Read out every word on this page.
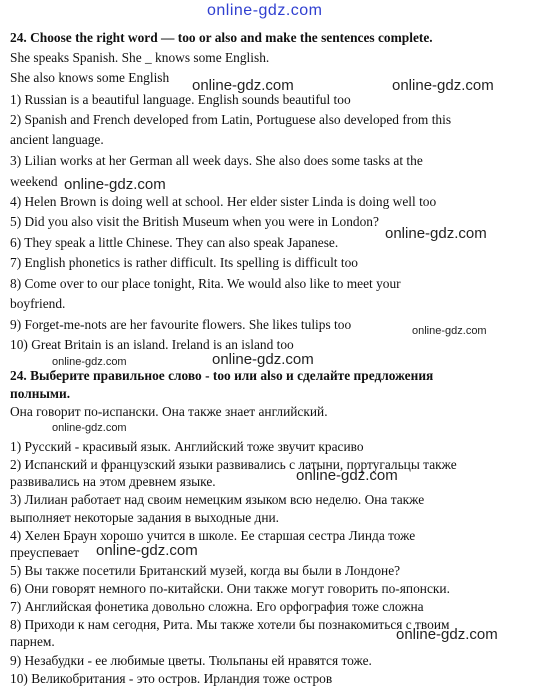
online-gdz.com
24. Choose the right word — too or also and make the sentences complete.
She speaks Spanish. She _ knows some English.
She also knows some English
1) Russian is a beautiful language. English sounds beautiful too
2) Spanish and French developed from Latin, Portuguese also developed from this
ancient language.
3) Lilian works at her German all week days. She also does some tasks at the
weekend
4) Helen Brown is doing well at school. Her elder sister Linda is doing well too
5) Did you also visit the British Museum when you were in London?
6) They speak a little Chinese. They can also speak Japanese.
7) English phonetics is rather difficult. Its spelling is difficult too
8) Come over to our place tonight, Rita. We would also like to meet your
boyfriend.
9) Forget-me-nots are her favourite flowers. She likes tulips too
10) Great Britain is an island. Ireland is an island too
24. Выберите правильное слово - too или also и сделайте предложения
полными.
Она говорит по-испански. Она также знает английский.
1) Русский - красивый язык. Английский тоже звучит красиво
2) Испанский и французский языки развивались с латыни, португальцы также
развивались на этом древнем языке.
3) Лилиан работает над своим немецким языком всю неделю. Она также
выполняет некоторые задания в выходные дни.
4) Хелен Браун хорошо учится в школе. Ее старшая сестра Линда тоже
преуспевает
5) Вы также посетили Британский музей, когда вы были в Лондоне?
6) Они говорят немного по-китайски. Они также могут говорить по-японски.
7) Английская фонетика довольно сложна. Его орфография тоже сложна
8) Приходи к нам сегодня, Рита. Мы также хотели бы познакомиться с твоим
парнем.
9) Незабудки - ее любимые цветы. Тюльпаны ей нравятся тоже.
10) Великобритания - это остров. Ирландия тоже остров
online-gdz.com	online-gdz.com
online-gdz.com
online-gdz.com
online-gdz.com
online-gdz.com	online-gdz.com
online-gdz.com
online-gdz.com
online-gdz.com
online-gdz.com
